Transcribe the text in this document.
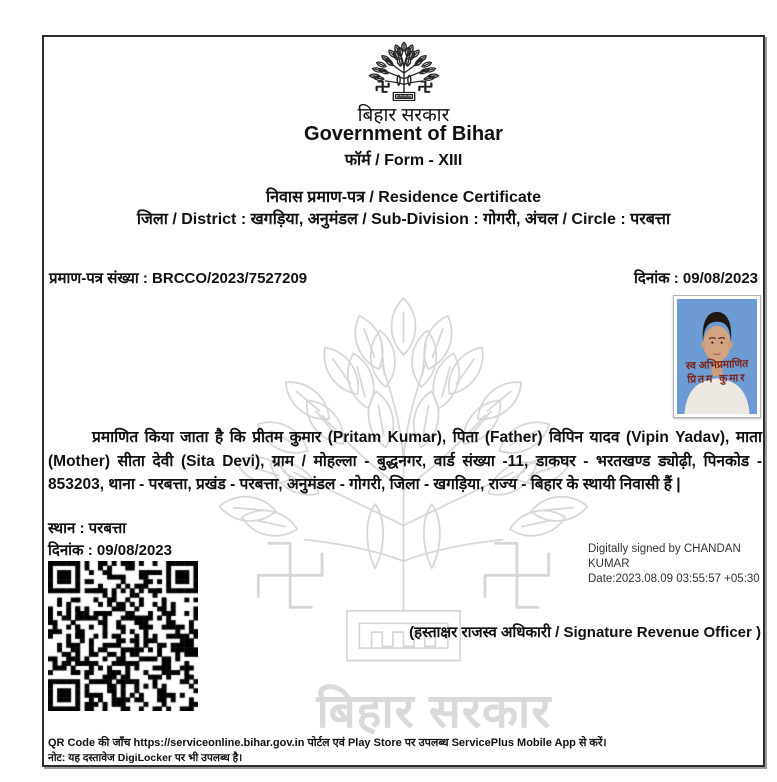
बिहार सरकार
बिहार सरकार
Government of Bihar
फॉर्म / Form - XIII
निवास प्रमाण-पत्र / Residence Certificate
जिला / District : खगड़िया, अनुमंडल / Sub-Division : गोगरी, अंचल / Circle : परबत्ता
प्रमाण-पत्र संख्या : BRCCO/2023/7527209	दिनांक : 09/08/2023
स्व अभिप्रमाणित
प्रितम कुमार

प्रमाणित किया जाता है कि प्रीतम कुमार (Pritam Kumar), पिता (Father) विपिन यादव (Vipin Yadav), माता (Mother) सीता देवी (Sita Devi), ग्राम / मोहल्ला - बुद्धनगर, वार्ड संख्या -11, डाकघर - भरतखण्ड ड्योढ़ी, पिनकोड - 853203, थाना - परबत्ता, प्रखंड - परबत्ता, अनुमंडल - गोगरी, जिला - खगड़िया, राज्य - बिहार के स्थायी निवासी हैं |

स्थान : परबत्ता
दिनांक : 09/08/2023	Digitally signed by CHANDAN KUMAR
Date:2023.08.09 03:55:57 +05:30
(हस्ताक्षर राजस्व अधिकारी / Signature Revenue Officer )
QR Code की जाँच https://serviceonline.bihar.gov.in पोर्टल एवं Play Store पर उपलब्ध ServicePlus Mobile App से करें।
नोट: यह दस्तावेज DigiLocker पर भी उपलब्ध है।
